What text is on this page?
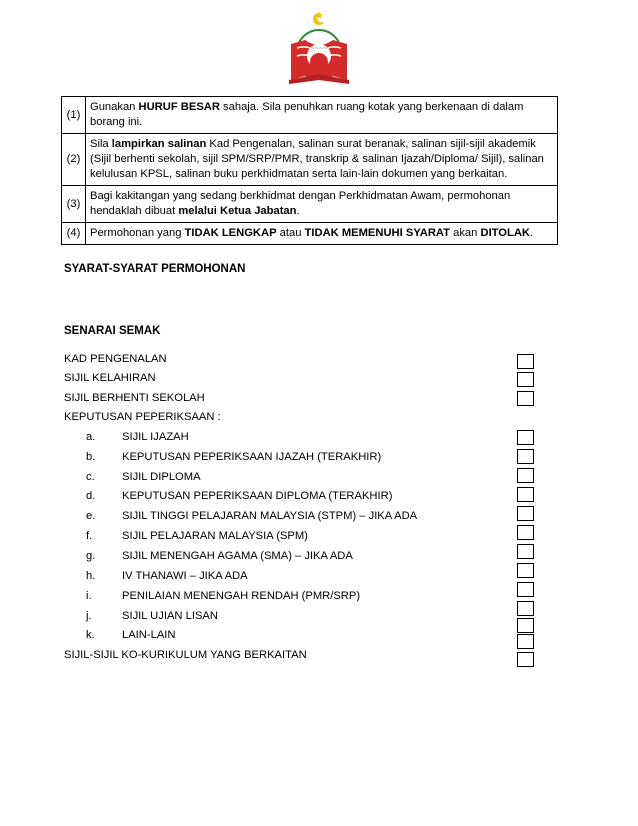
~~~~
(1)	Gunakan HURUF BESAR sahaja. Sila penuhkan ruang kotak yang berkenaan di dalam borang ini.
(2)	Sila lampirkan salinan Kad Pengenalan, salinan surat beranak, salinan sijil-sijil akademik (Sijil berhenti sekolah, sijil SPM/SRP/PMR, transkrip & salinan Ijazah/Diploma/ Sijil), salinan kelulusan KPSL, salinan buku perkhidmatan serta lain-lain dokumen yang berkaitan.
(3)	Bagi kakitangan yang sedang berkhidmat dengan Perkhidmatan Awam, permohonan hendaklah dibuat melalui Ketua Jabatan.
(4)	Permohonan yang TIDAK LENGKAP atau TIDAK MEMENUHI SYARAT akan DITOLAK.
SYARAT-SYARAT PERMOHONAN
SENARAI SEMAK
KAD PENGENALAN
SIJIL KELAHIRAN
SIJIL BERHENTI SEKOLAH
KEPUTUSAN PEPERIKSAAN :
a. SIJIL IJAZAH
b. KEPUTUSAN PEPERIKSAAN IJAZAH (TERAKHIR)
c. SIJIL DIPLOMA
d. KEPUTUSAN PEPERIKSAAN DIPLOMA (TERAKHIR)
e. SIJIL TINGGI PELAJARAN MALAYSIA (STPM) – JIKA ADA
f.	SIJIL PELAJARAN MALAYSIA (SPM)
g. SIJIL MENENGAH AGAMA (SMA) – JIKA ADA
h. IV THANAWI – JIKA ADA
i.	PENILAIAN MENENGAH RENDAH (PMR/SRP)
j.	SIJIL UJIAN LISAN
k. LAIN-LAIN
SIJIL-SIJIL KO-KURIKULUM YANG BERKAITAN
